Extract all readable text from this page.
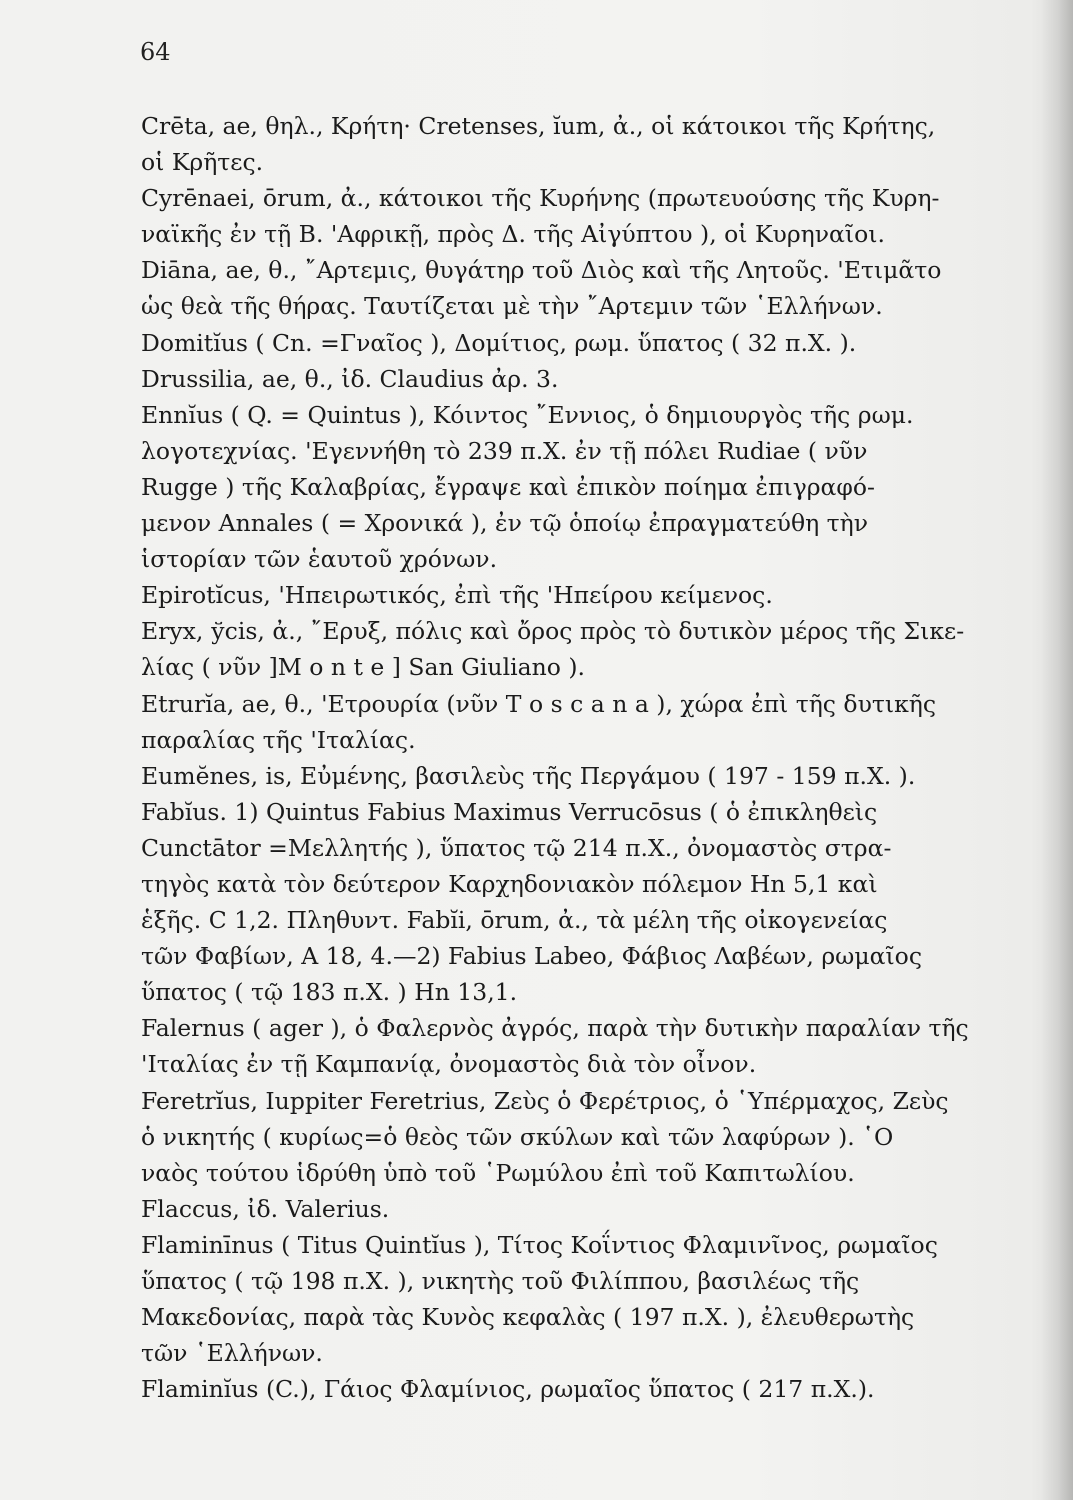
64

Crēta, ae, θηλ., Κρήτη· Cretenses, ĭum, ἀ., οἱ κάτοικοι τῆς Κρήτης,
οἱ Κρῆτες.

Cyrēnaei, ōrum, ἀ., κάτοικοι τῆς Κυρήνης (πρωτευούσης τῆς Κυρη-
ναϊκῆς ἐν τῇ Β. 'Αφρικῇ, πρὸς Δ. τῆς Αἰγύπτου ), οἱ Κυρηναῖοι.

Diāna, ae, θ., ῎Αρτεμις, θυγάτηρ τοῦ Διὸς καὶ τῆς Λητοῦς. 'Ετιμᾶτο
ὡς θεὰ τῆς θήρας. Ταυτίζεται μὲ τὴν ῎Αρτεμιν τῶν ῾Ελλήνων.

Domitĭus ( Cn. =Γναῖος ), Δομίτιος, ρωμ. ὕπατος ( 32 π.Χ. ).

Drussilia, ae, θ., ἰδ. Claudius ἀρ. 3.

Ennĭus ( Q. = Quintus ), Κόιντος ῎Εννιος, ὁ δημιουργὸς τῆς ρωμ.
λογοτεχνίας. 'Εγεννήθη τὸ 239 π.Χ. ἐν τῇ πόλει Rudiae ( νῦν
Rugge ) τῆς Καλαβρίας, ἔγραψε καὶ ἐπικὸν ποίημα ἐπιγραφό-
μενον Annales ( = Χρονικά ), ἐν τῷ ὁποίῳ ἐπραγματεύθη τὴν
ἱστορίαν τῶν ἑαυτοῦ χρόνων.

Epirotĭcus, 'Ηπειρωτικός, ἐπὶ τῆς 'Ηπείρου κείμενος.

Eryx, ўcis, ἀ., ῎Ερυξ, πόλις καὶ ὄρος πρὸς τὸ δυτικὸν μέρος τῆς Σικε-
λίας ( νῦν ]M o n t e ] San Giuliano ).

Etrurĭa, ae, θ., 'Ετρουρία (νῦν T o s c a n a ), χώρα ἐπὶ τῆς δυτικῆς
παραλίας τῆς 'Ιταλίας.

Eumĕnes, is, Εὐμένης, βασιλεὺς τῆς Περγάμου ( 197 - 159 π.Χ. ).

Fabĭus. 1) Quintus Fabius Maximus Verrucōsus ( ὁ ἐπικληθεὶς
Cunctātor =Μελλητής ), ὕπατος τῷ 214 π.Χ., ὀνομαστὸς στρα-
τηγὸς κατὰ τὸν δεύτερον Καρχηδονιακὸν πόλεμον Hn 5,1 καὶ
ἑξῆς. C 1,2. Πληθυντ. Fabĭi, ōrum, ἀ., τὰ μέλη τῆς οἰκογενείας
τῶν Φαβίων, A 18, 4.—2) Fabius Labeo, Φάβιος Λαβέων, ρωμαῖος
ὕπατος ( τῷ 183 π.Χ. ) Hn 13,1.

Falernus ( ager ), ὁ Φαλερνὸς ἀγρός, παρὰ τὴν δυτικὴν παραλίαν τῆς
'Ιταλίας ἐν τῇ Καμπανίᾳ, ὀνομαστὸς διὰ τὸν οἶνον.

Feretrĭus, Iuppiter Feretrius, Ζεὺς ὁ Φερέτριος, ὁ ῾Υπέρμαχος, Ζεὺς
ὁ νικητής ( κυρίως=ὁ θεὸς τῶν σκύλων καὶ τῶν λαφύρων ). ῾Ο
ναὸς τούτου ἱδρύθη ὑπὸ τοῦ ῾Ρωμύλου ἐπὶ τοῦ Καπιτωλίου.

Flaccus, ἰδ. Valerius.

Flaminīnus ( Titus Quintĭus ), Τίτος Κοΐντιος Φλαμινῖνος, ρωμαῖος
ὕπατος ( τῷ 198 π.Χ. ), νικητὴς τοῦ Φιλίππου, βασιλέως τῆς
Μακεδονίας, παρὰ τὰς Κυνὸς κεφαλὰς ( 197 π.Χ. ), ἐλευθερωτὴς
τῶν ῾Ελλήνων.

Flaminĭus (C.), Γάιος Φλαμίνιος, ρωμαῖος ὕπατος ( 217 π.Χ.).
